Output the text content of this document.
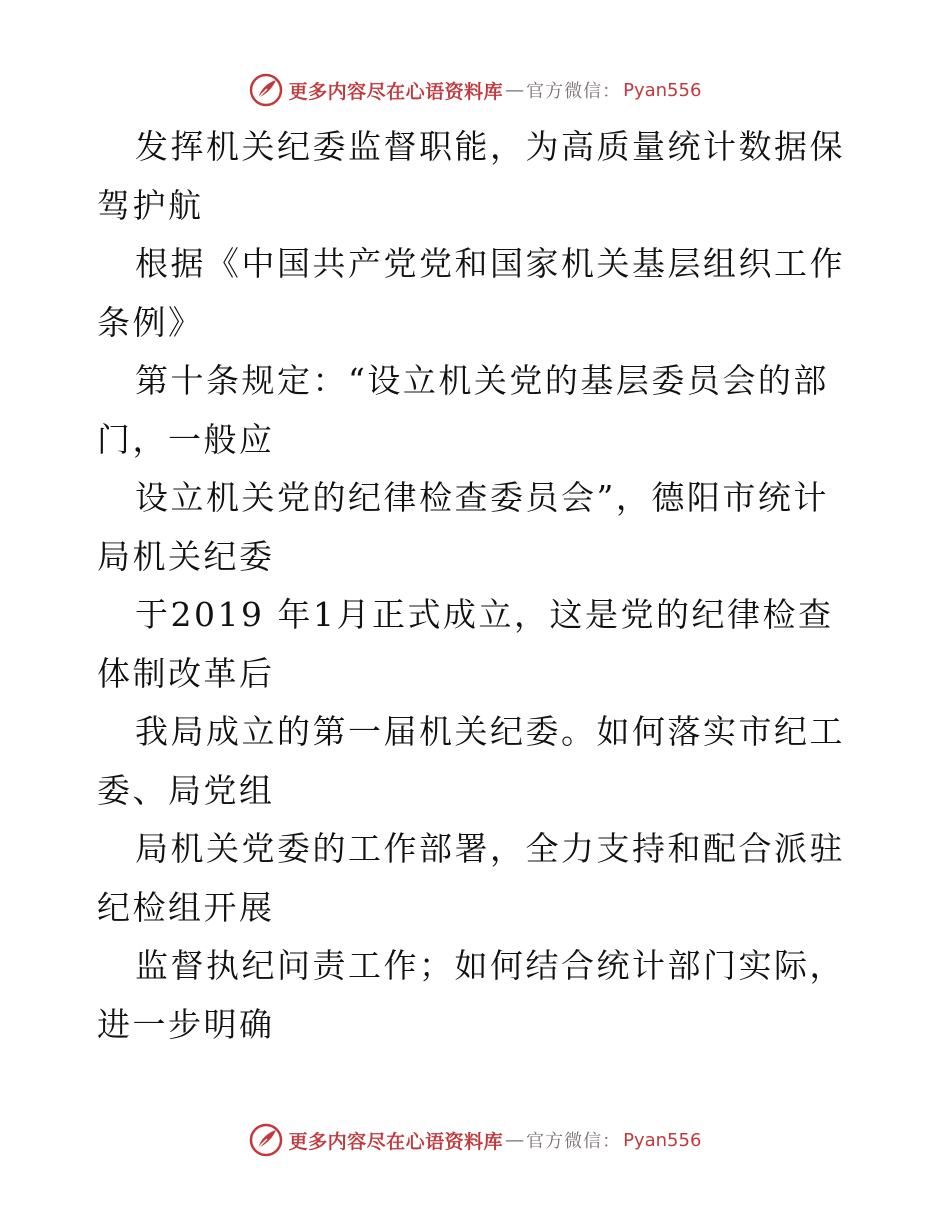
更多内容尽在心语资料库 — 官方微信： Pyan556

发挥机关纪委监督职能，为高质量统计数据保驾护航

根据《中国共产党党和国家机关基层组织工作条例》

第十条规定：“设立机关党的基层委员会的部门，一般应

设立机关党的纪律检查委员会”，德阳市统计局机关纪委

于2019 年1月正式成立，这是党的纪律检查体制改革后

我局成立的第一届机关纪委。如何落实市纪工委、局党组

局机关党委的工作部署，全力支持和配合派驻纪检组开展

监督执纪问责工作；如何结合统计部门实际，进一步明确

更多内容尽在心语资料库 — 官方微信： Pyan556
